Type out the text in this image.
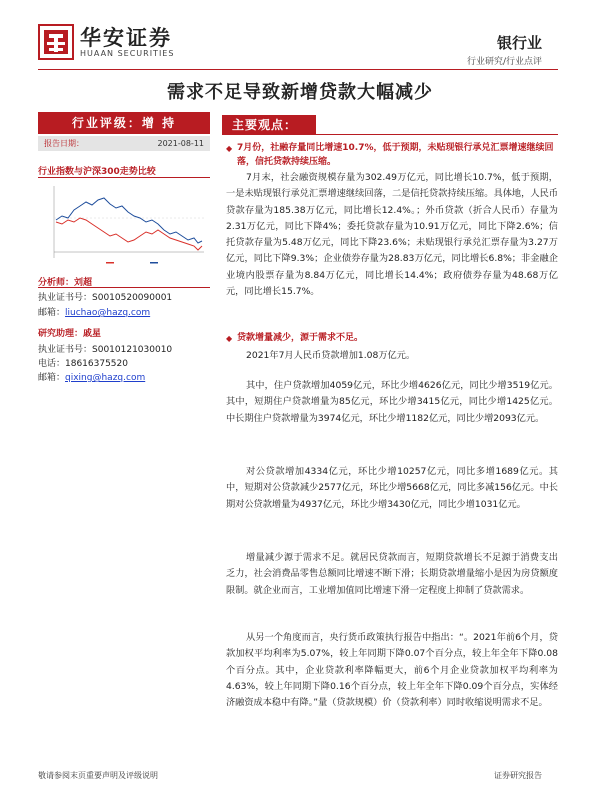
华安证券
HUAAN SECURITIES
银行业
行业研究/行业点评
需求不足导致新增贷款大幅减少
行业评级：增 持
报告日期：	2021-08-11
行业指数与沪深300走势比较
分析师：刘超
执业证书号：S0010520090001
邮箱：liuchao@hazq.com
研究助理：戚星
执业证书号：S0010121030010
电话：18616375520
邮箱：qixing@hazq.com
主要观点：
◆ 7月份，社融存量同比增速10.7%，低于预期，未贴现银行承兑汇票增速继续回落，信托贷款持续压缩。
7月末，社会融资规模存量为302.49万亿元，同比增长10.7%，低于预期，一是未贴现银行承兑汇票增速继续回落，二是信托贷款持续压缩。具体地，人民币贷款存量为185.38万亿元，同比增长12.4%。；外币贷款（折合人民币）存量为2.31万亿元，同比下降4%；委托贷款存量为10.91万亿元，同比下降2.6%；信托贷款存量为5.48万亿元，同比下降23.6%；未贴现银行承兑汇票存量为3.27万亿元，同比下降9.3%；企业债券存量为28.83万亿元，同比增长6.8%；非金融企业境内股票存量为8.84万亿元，同比增长14.4%；政府债券存量为48.68万亿元，同比增长15.7%。
◆ 贷款增量减少，源于需求不足。
2021年7月人民币贷款增加1.08万亿元。
其中，住户贷款增加4059亿元，环比少增4626亿元，同比少增3519亿元。其中，短期住户贷款增量为85亿元，环比少增3415亿元，同比少增1425亿元。中长期住户贷款增量为3974亿元，环比少增1182亿元，同比少增2093亿元。
对公贷款增加4334亿元，环比少增10257亿元，同比多增1689亿元。其中，短期对公贷款减少2577亿元，环比少增5668亿元，同比多减156亿元。中长期对公贷款增量为4937亿元，环比少增3430亿元，同比少增1031亿元。
增量减少源于需求不足。就居民贷款而言，短期贷款增长不足源于消费支出乏力，社会消费品零售总额同比增速不断下滑；长期贷款增量缩小是因为房贷额度限制。就企业而言，工业增加值同比增速下滑一定程度上抑制了贷款需求。
从另一个角度而言，央行货币政策执行报告中指出：“。2021年前6个月，贷款加权平均利率为5.07%，较上年同期下降0.07个百分点，较上年全年下降0.08个百分点。其中，企业贷款利率降幅更大，前6个月企业贷款加权平均利率为4.63%，较上年同期下降0.16个百分点，较上年全年下降0.09个百分点，实体经济融资成本稳中有降。”量（贷款规模）价（贷款利率）同时收缩说明需求不足。
敬请参阅末页重要声明及评级说明	证券研究报告
